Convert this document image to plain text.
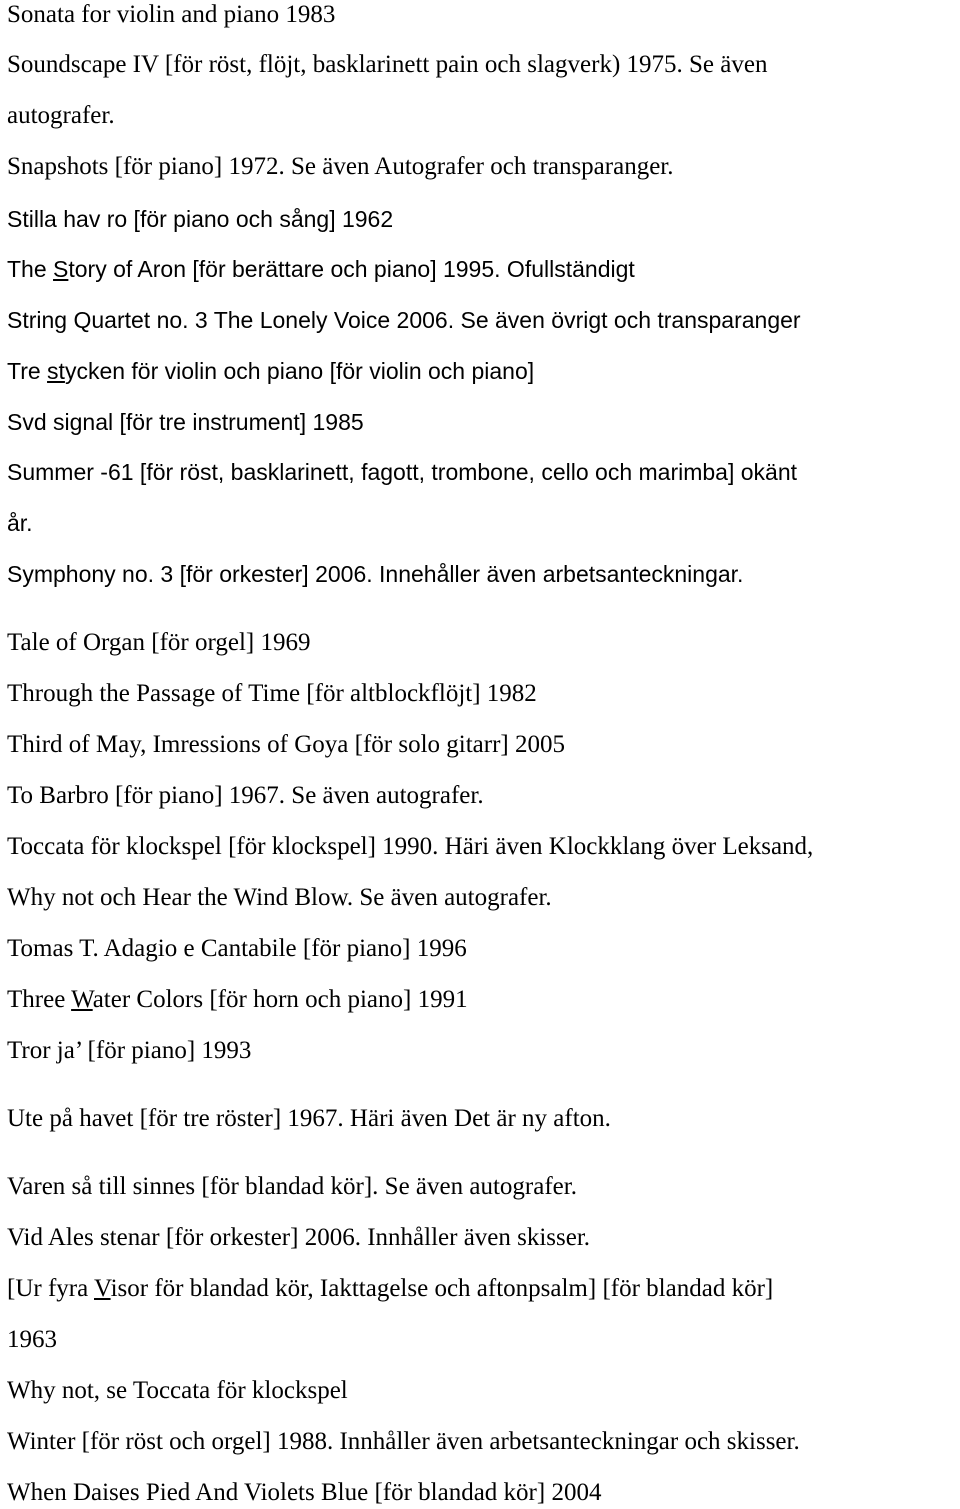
Sonata for violin and piano 1983
Soundscape IV [för röst, flöjt, basklarinett pain och slagverk) 1975. Se även
autografer.
Snapshots [för piano] 1972. Se även Autografer och transparanger.
Stilla hav ro [för piano och sång] 1962
The Story of Aron [för berättare och piano] 1995. Ofullständigt
String Quartet no. 3 The Lonely Voice 2006. Se även övrigt och transparanger
Tre stycken för violin och piano [för violin och piano]
Svd signal [för tre instrument] 1985
Summer -61 [för röst, basklarinett, fagott, trombone, cello och marimba] okänt
år.
Symphony no. 3 [för orkester] 2006. Innehåller även arbetsanteckningar.
Tale of Organ [för orgel] 1969
Through the Passage of Time [för altblockflöjt] 1982
Third of May, Imressions of Goya [för solo gitarr] 2005
To Barbro [för piano] 1967. Se även autografer.
Toccata för klockspel [för klockspel] 1990. Häri även Klockklang över Leksand,
Why not och Hear the Wind Blow. Se även autografer.
Tomas T. Adagio e Cantabile [för piano] 1996
Three Water Colors [för horn och piano] 1991
Tror ja’ [för piano] 1993
Ute på havet [för tre röster] 1967. Häri även Det är ny afton.
Varen så till sinnes [för blandad kör]. Se även autografer.
Vid Ales stenar [för orkester] 2006. Innhåller även skisser.
[Ur fyra Visor för blandad kör, Iakttagelse och aftonpsalm] [för blandad kör]
1963
Why not, se Toccata för klockspel
Winter [för röst och orgel] 1988. Innhåller även arbetsanteckningar och skisser.
When Daises Pied And Violets Blue [för blandad kör] 2004
